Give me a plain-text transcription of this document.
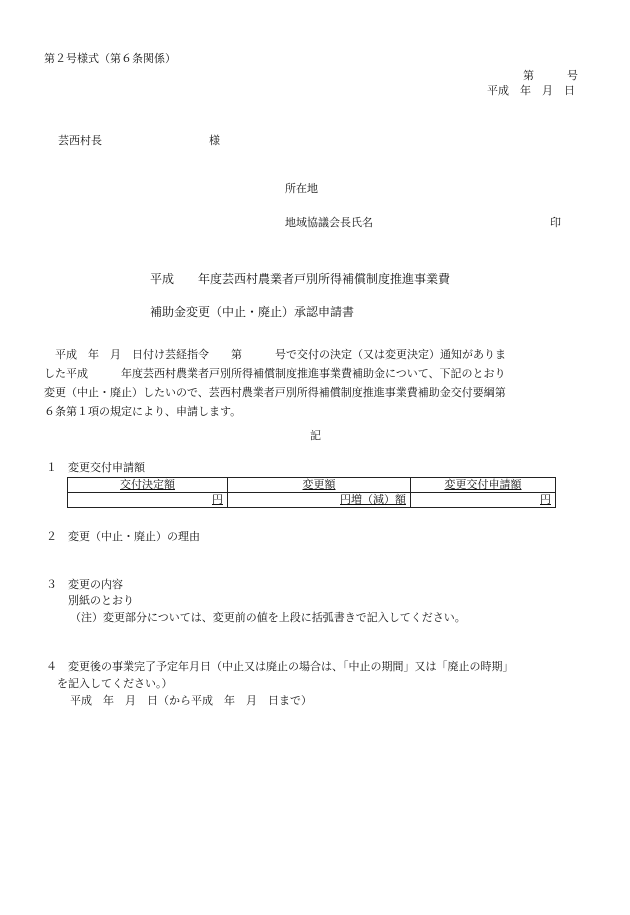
第２号様式（第６条関係）
第　　　号
平成　年　月　日
芸西村長	様
所在地
地域協議会長氏名	印
平成　　年度芸西村農業者戸別所得補償制度推進事業費
補助金変更（中止・廃止）承認申請書
　平成　年　月　日付け芸経指令　　第　　　号で交付の決定（又は変更決定）通知がありま
した平成　　　年度芸西村農業者戸別所得補償制度推進事業費補助金について、下記のとおり
変更（中止・廃止）したいので、芸西村農業者戸別所得補償制度推進事業費補助金交付要綱第
６条第１項の規定により、申請します。
記
１　変更交付申請額
交付決定額	変更額	変更交付申請額
円	円増（減）額	円
２　変更（中止・廃止）の理由
３　変更の内容
別紙のとおり
（注）変更部分については、変更前の値を上段に括弧書きで記入してください。
４　変更後の事業完了予定年月日（中止又は廃止の場合は、「中止の期間」又は「廃止の時期」
を記入してください。）
平成　年　月　日（から平成　年　月　日まで）
